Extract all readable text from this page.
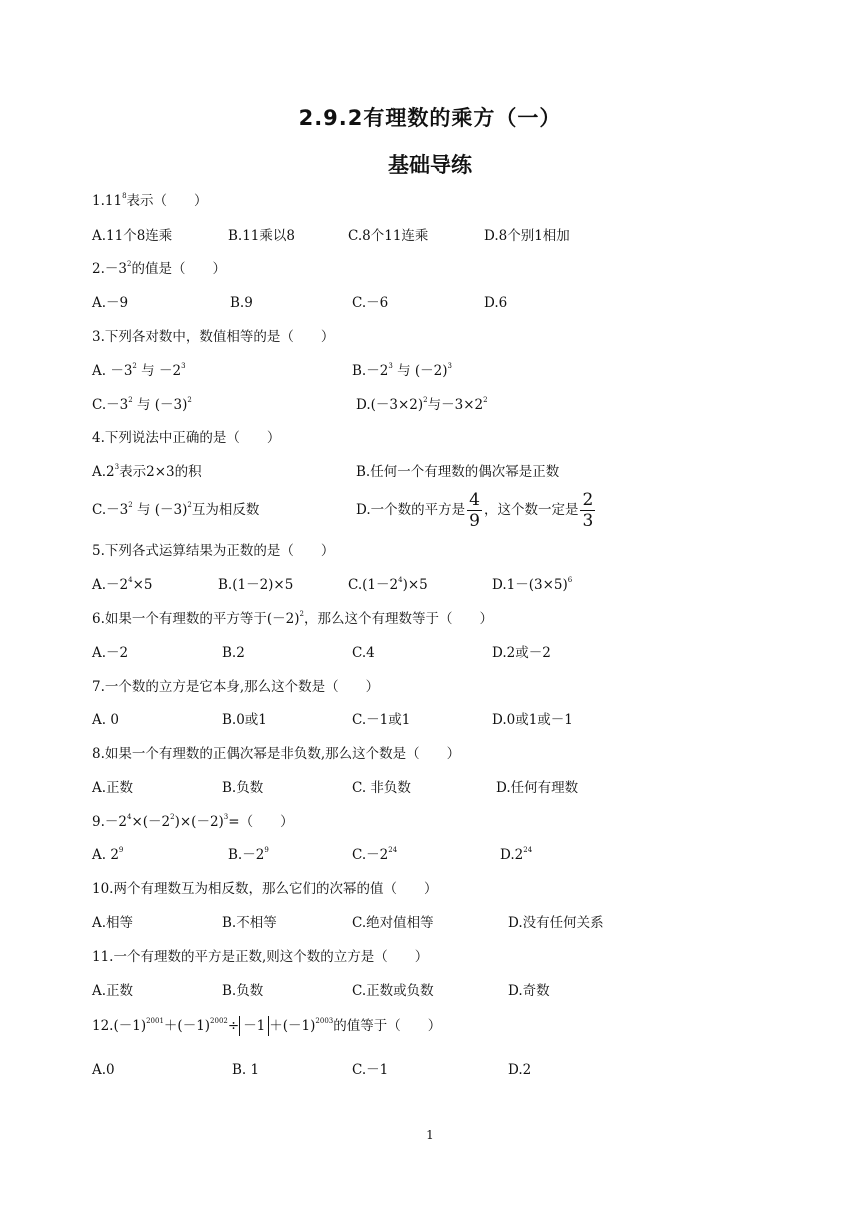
2.9.2有理数的乘方（一）
基础导练
1.11$^8$表示（　　）
A.11个8连乘	B.11乘以8	C.8个11连乘	D.8个别1相加
$2.-3^2$的值是（　　）
A.－9	B.9	C.－6	D.6
3.下列各对数中，数值相等的是（　　）
A. $-3^2$ 与 $-2^3$	$B.-2^3$ 与 $(-2)^3$
$C.-3^2$ 与 $(-3)^2$	$D.(-3\times 2)^2$与$-3\times 2^2$
4.下列说法中正确的是（　　）
$A.2^3$表示2×3的积	B.任何一个有理数的偶次幂是正数
$C.-3^2$ 与 $(-3)^2$互为相反数	D.一个数的平方是 $\frac{4}{9}$ ，这个数一定是 $\frac{2}{3}$
5.下列各式运算结果为正数的是（　　）
$A.-2^4\times 5$	B.(1－2)×5	$C.(1-2^4)\times 5$	$D.1-(3\times 5)^6$
6.如果一个有理数的平方等于$(-2)^2$，那么这个有理数等于（　　）
A.－2	B.2	C.4	D.2或－2
7.一个数的立方是它本身,那么这个数是（　　）
A. 0	B.0或1	C.－1或1	D.0或1或－1
8.如果一个有理数的正偶次幂是非负数,那么这个数是（　　）
A.正数	B.负数	C. 非负数	D.任何有理数
$9.-2^4\times(-2^2)\times(-2)^3=$（　　）
A. $2^9$	$B.-2^9$	$C.-2^{24}$	$D.2^{24}$
10.两个有理数互为相反数，那么它们的次幂的值（　　）
A.相等	B.不相等	C.绝对值相等	D.没有任何关系
11.一个有理数的平方是正数,则这个数的立方是（　　）
A.正数	B.负数	C.正数或负数	D.奇数
$12.(-1)^{2001}+(-1)^{2002}\div -1 +(-1)^{2003}$的值等于（　　）
A.0	B. 1	C.－1	D.2
1
